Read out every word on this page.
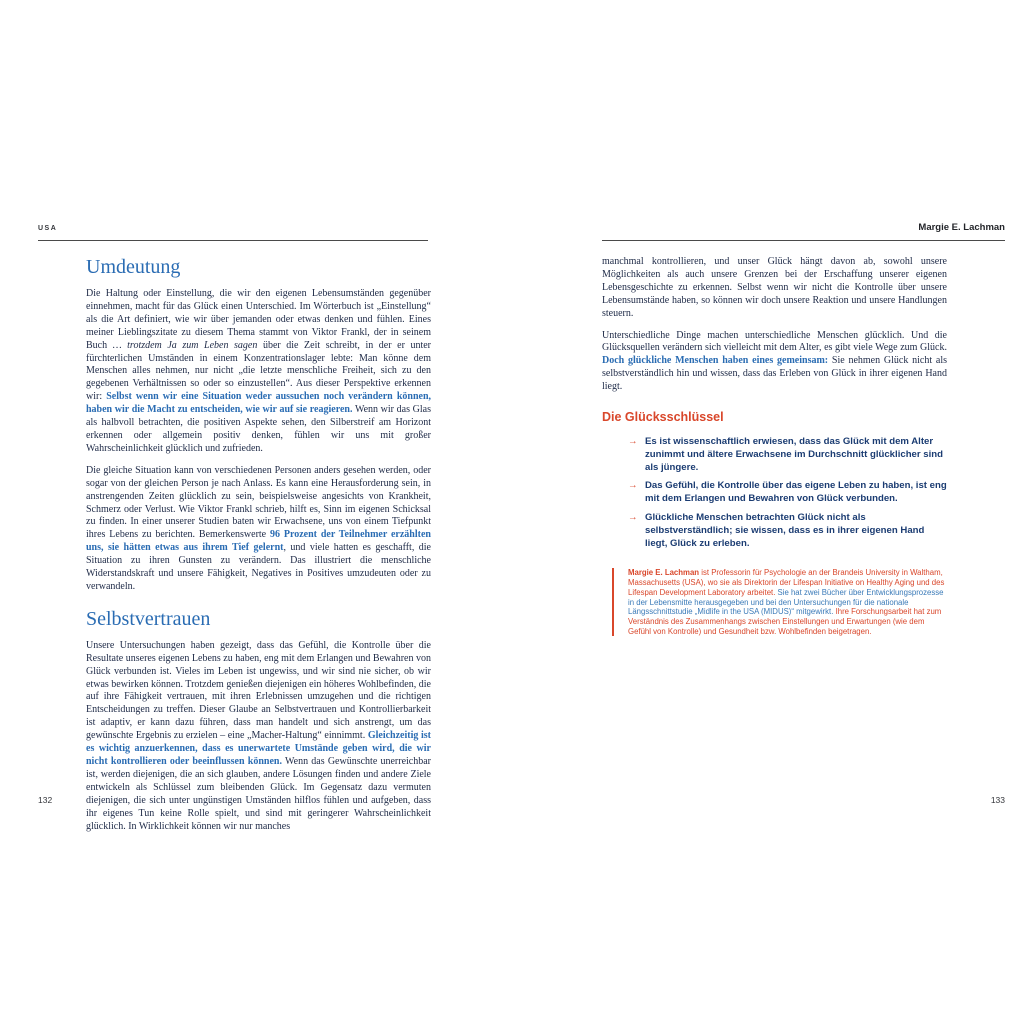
USA	Margie E. Lachman
Umdeutung

Die Haltung oder Einstellung, die wir den eigenen Lebensumständen gegenüber einnehmen, macht für das Glück einen Unterschied. Im Wörterbuch ist „Einstellung“ als die Art definiert, wie wir über jemanden oder etwas denken und fühlen. Eines meiner Lieblingszitate zu diesem Thema stammt von Viktor Frankl, der in seinem Buch … trotzdem Ja zum Leben sagen über die Zeit schreibt, in der er unter fürchterlichen Umständen in einem Konzentrationslager lebte: Man könne dem Menschen alles nehmen, nur nicht „die letzte menschliche Freiheit, sich zu den gegebenen Verhältnissen so oder so einzustellen“. Aus dieser Perspektive erkennen wir: Selbst wenn wir eine Situation weder aussuchen noch verändern können, haben wir die Macht zu entscheiden, wie wir auf sie reagieren. Wenn wir das Glas als halbvoll betrachten, die positiven Aspekte sehen, den Silberstreif am Horizont erkennen oder allgemein positiv denken, fühlen wir uns mit großer Wahrscheinlichkeit glücklich und zufrieden.

Die gleiche Situation kann von verschiedenen Personen anders gesehen werden, oder sogar von der gleichen Person je nach Anlass. Es kann eine Herausforderung sein, in anstrengenden Zeiten glücklich zu sein, beispielsweise angesichts von Krankheit, Schmerz oder Verlust. Wie Viktor Frankl schrieb, hilft es, Sinn im eigenen Schicksal zu finden. In einer unserer Studien baten wir Erwachsene, uns von einem Tiefpunkt ihres Lebens zu berichten. Bemerkenswerte 96 Prozent der Teilnehmer erzählten uns, sie hätten etwas aus ihrem Tief gelernt, und viele hatten es geschafft, die Situation zu ihren Gunsten zu verändern. Das illustriert die menschliche Widerstandskraft und unsere Fähigkeit, Negatives in Positives umzudeuten oder zu verwandeln.

Selbstvertrauen

Unsere Untersuchungen haben gezeigt, dass das Gefühl, die Kontrolle über die Resultate unseres eigenen Lebens zu haben, eng mit dem Erlangen und Bewahren von Glück verbunden ist. Vieles im Leben ist ungewiss, und wir sind nie sicher, ob wir etwas bewirken können. Trotzdem genießen diejenigen ein höheres Wohlbefinden, die auf ihre Fähigkeit vertrauen, mit ihren Erlebnissen umzugehen und die richtigen Entscheidungen zu treffen. Dieser Glaube an Selbstvertrauen und Kontrollierbarkeit ist adaptiv, er kann dazu führen, dass man handelt und sich anstrengt, um das gewünschte Ergebnis zu erzielen – eine „Macher-Haltung“ einnimmt. Gleichzeitig ist es wichtig anzuerkennen, dass es unerwartete Umstände geben wird, die wir nicht kontrollieren oder beeinflussen können. Wenn das Gewünschte unerreichbar ist, werden diejenigen, die an sich glauben, andere Lösungen finden und andere Ziele entwickeln als Schlüssel zum bleibenden Glück. Im Gegensatz dazu vermuten diejenigen, die sich unter ungünstigen Umständen hilflos fühlen und aufgeben, dass ihr eigenes Tun keine Rolle spielt, und sind mit geringerer Wahrscheinlichkeit glücklich. In Wirklichkeit können wir nur manches

manchmal kontrollieren, und unser Glück hängt davon ab, sowohl unsere Möglichkeiten als auch unsere Grenzen bei der Erschaffung unserer eigenen Lebensgeschichte zu erkennen. Selbst wenn wir nicht die Kontrolle über unsere Lebensumstände haben, so können wir doch unsere Reaktion und unsere Handlungen steuern.

Unterschiedliche Dinge machen unterschiedliche Menschen glücklich. Und die Glücksquellen verändern sich vielleicht mit dem Alter, es gibt viele Wege zum Glück. Doch glückliche Menschen haben eines gemeinsam: Sie nehmen Glück nicht als selbstverständlich hin und wissen, dass das Erleben von Glück in ihrer eigenen Hand liegt.

Die Glücksschlüssel
→ Es ist wissenschaftlich erwiesen, dass das Glück mit dem Alter zunimmt und ältere Erwachsene im Durchschnitt glücklicher sind als jüngere.
→ Das Gefühl, die Kontrolle über das eigene Leben zu haben, ist eng mit dem Erlangen und Bewahren von Glück verbunden.
→ Glückliche Menschen betrachten Glück nicht als selbstverständlich; sie wissen, dass es in ihrer eigenen Hand liegt, Glück zu erleben.

Margie E. Lachman ist Professorin für Psychologie an der Brandeis University in Waltham, Massachusetts (USA), wo sie als Direktorin der Lifespan Initiative on Healthy Aging und des Lifespan Development Laboratory arbeitet. Sie hat zwei Bücher über Entwicklungsprozesse in der Lebensmitte herausgegeben und bei den Untersuchungen für die nationale Längsschnittstudie „Midlife in the USA (MIDUS)“ mitgewirkt. Ihre Forschungsarbeit hat zum Verständnis des Zusammenhangs zwischen Einstellungen und Erwartungen (wie dem Gefühl von Kontrolle) und Gesundheit bzw. Wohlbefinden beigetragen.

132	133
